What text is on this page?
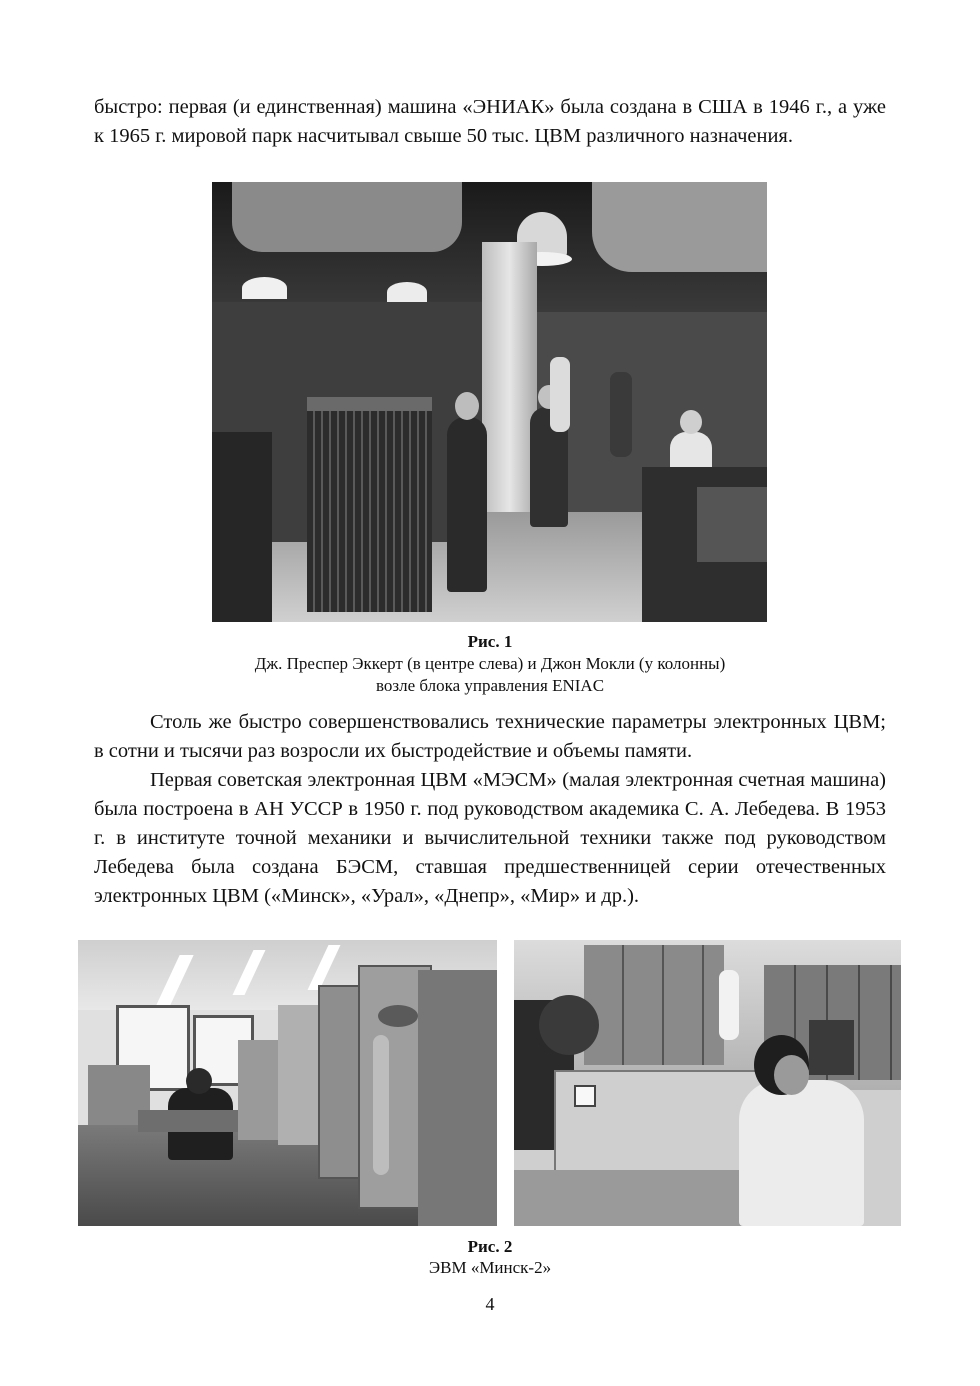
быстро: первая (и единственная) машина «ЭНИАК» была создана в США в 1946 г., а уже к 1965 г. мировой парк насчитывал свыше 50 тыс. ЦВМ различного назначения.

Рис. 1

Дж. Преспер Эккерт (в центре слева) и Джон Мокли (у колонны)

возле блока управления ENIAC

Столь же быстро совершенствовались технические параметры электронных ЦВМ; в сотни и тысячи раз возросли их быстродействие и объемы памяти.

Первая советская электронная ЦВМ «МЭСМ» (малая электронная счетная машина) была построена в АН УССР в 1950 г. под руководством академика С. А. Лебедева. В 1953 г. в институте точной механики и вычислительной техники также под руководством Лебедева была создана БЭСМ, ставшая предшественницей серии отечественных электронных ЦВМ («Минск», «Урал», «Днепр», «Мир» и др.).

Рис. 2

ЭВМ «Минск-2»

4
